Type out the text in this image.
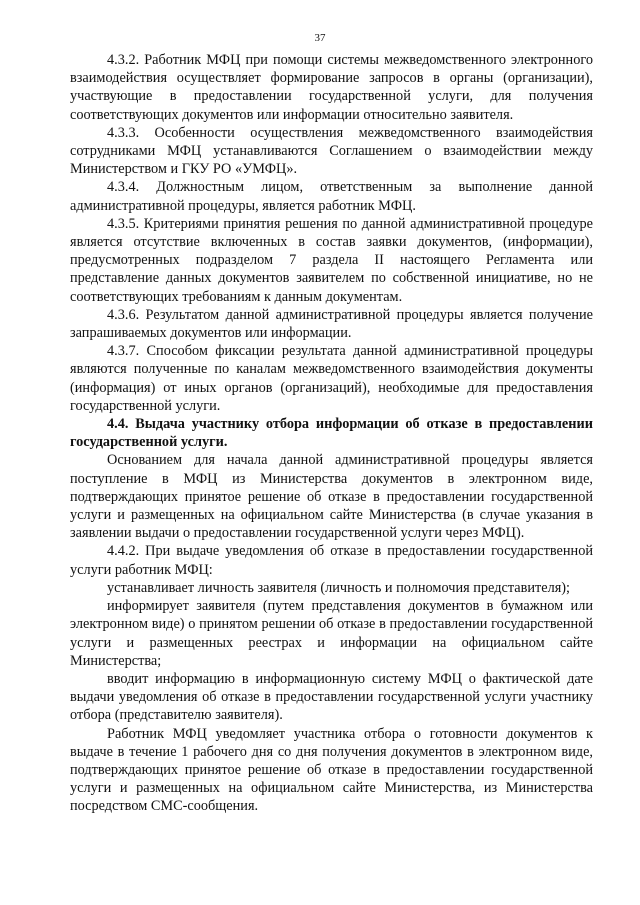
37

4.3.2. Работник МФЦ при помощи системы межведомственного электронного взаимодействия осуществляет формирование запросов в органы (организации), участвующие в предоставлении государственной услуги, для получения соответствующих документов или информации относительно заявителя.

4.3.3. Особенности осуществления межведомственного взаимодействия сотрудниками МФЦ устанавливаются Соглашением о взаимодействии между Министерством и ГКУ РО «УМФЦ».

4.3.4. Должностным лицом, ответственным за выполнение данной административной процедуры, является работник МФЦ.

4.3.5. Критериями принятия решения по данной административной процедуре является отсутствие включенных в состав заявки документов, (информации), предусмотренных подразделом 7 раздела II настоящего Регламента или представление данных документов заявителем по собственной инициативе, но не соответствующих требованиям к данным документам.

4.3.6. Результатом данной административной процедуры является получение запрашиваемых документов или информации.

4.3.7. Способом фиксации результата данной административной процедуры являются полученные по каналам межведомственного взаимодействия документы (информация) от иных органов (организаций), необходимые для предоставления государственной услуги.

4.4. Выдача участнику отбора информации об отказе в предоставлении государственной услуги.

Основанием для начала данной административной процедуры является поступление в МФЦ из Министерства документов в электронном виде, подтверждающих принятое решение об отказе в предоставлении государственной услуги и размещенных на официальном сайте Министерства (в случае указания в заявлении выдачи о предоставлении государственной услуги через МФЦ).

4.4.2. При выдаче уведомления об отказе в предоставлении государственной услуги работник МФЦ:

устанавливает личность заявителя (личность и полномочия представителя);

информирует заявителя (путем представления документов в бумажном или электронном виде) о принятом решении об отказе в предоставлении государственной услуги и размещенных реестрах и информации на официальном сайте Министерства;

вводит информацию в информационную систему МФЦ о фактической дате выдачи уведомления об отказе в предоставлении государственной услуги участнику отбора (представителю заявителя).

Работник МФЦ уведомляет участника отбора о готовности документов к выдаче в течение 1 рабочего дня со дня получения документов в электронном виде, подтверждающих принятое решение об отказе в предоставлении государственной услуги и размещенных на официальном сайте Министерства, из Министерства посредством СМС-сообщения.
